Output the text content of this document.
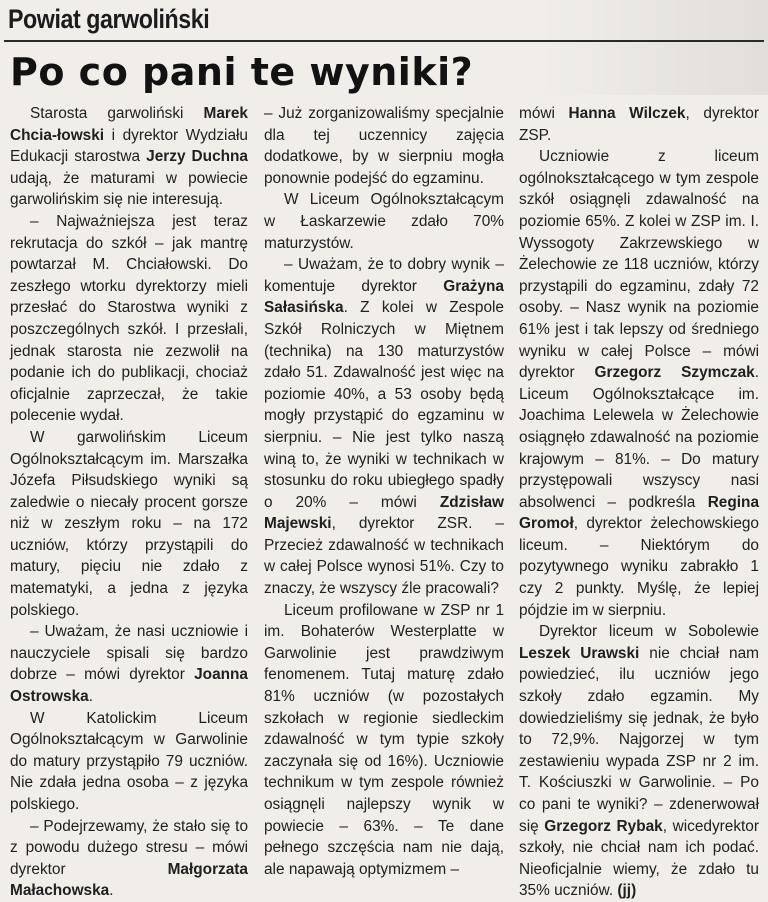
Powiat garwoliński
Po co pani te wyniki?

Starosta garwoliński Marek Chcia-łowski i dyrektor Wydziału Edukacji starostwa Jerzy Duchna udają, że maturami w powiecie garwolińskim się nie interesują.

– Najważniejsza jest teraz rekrutacja do szkół – jak mantrę powtarzał M. Chciałowski. Do zeszłego wtorku dyrektorzy mieli przesłać do Starostwa wyniki z poszczególnych szkół. I przesłali, jednak starosta nie zezwolił na podanie ich do publikacji, chociaż oficjalnie zaprzeczał, że takie polecenie wydał.

W garwolińskim Liceum Ogólnokształcącym im. Marszałka Józefa Piłsudskiego wyniki są zaledwie o niecały procent gorsze niż w zeszłym roku – na 172 uczniów, którzy przystąpili do matury, pięciu nie zdało z matematyki, a jedna z języka polskiego.

– Uważam, że nasi uczniowie i nauczyciele spisali się bardzo dobrze – mówi dyrektor Joanna Ostrowska.

W Katolickim Liceum Ogólnokształcącym w Garwolinie do matury przystąpiło 79 uczniów. Nie zdała jedna osoba – z języka polskiego.

– Podejrzewamy, że stało się to z powodu dużego stresu – mówi dyrektor Małgorzata Małachowska.

– Już zorganizowaliśmy specjalnie dla tej uczennicy zajęcia dodatkowe, by w sierpniu mogła ponownie podejść do egzaminu.

W Liceum Ogólnokształcącym w Łaskarzewie zdało 70% maturzystów.

– Uważam, że to dobry wynik – komentuje dyrektor Grażyna Sałasińska. Z kolei w Zespole Szkół Rolniczych w Miętnem (technika) na 130 maturzystów zdało 51. Zdawalność jest więc na poziomie 40%, a 53 osoby będą mogły przystąpić do egzaminu w sierpniu. – Nie jest tylko naszą winą to, że wyniki w technikach w stosunku do roku ubiegłego spadły o 20% – mówi Zdzisław Majewski, dyrektor ZSR. – Przecież zdawalność w technikach w całej Polsce wynosi 51%. Czy to znaczy, że wszyscy źle pracowali?

Liceum profilowane w ZSP nr 1 im. Bohaterów Westerplatte w Garwolinie jest prawdziwym fenomenem. Tutaj maturę zdało 81% uczniów (w pozostałych szkołach w regionie siedleckim zdawalność w tym typie szkoły zaczynała się od 16%). Uczniowie technikum w tym zespole również osiągnęli najlepszy wynik w powiecie – 63%. – Te dane pełnego szczęścia nam nie dają, ale napawają optymizmem –

mówi Hanna Wilczek, dyrektor ZSP.

Uczniowie z liceum ogólnokształcącego w tym zespole szkół osiągnęli zdawalność na poziomie 65%. Z kolei w ZSP im. I. Wyssogoty Zakrzewskiego w Żelechowie ze 118 uczniów, którzy przystąpili do egzaminu, zdały 72 osoby. – Nasz wynik na poziomie 61% jest i tak lepszy od średniego wyniku w całej Polsce – mówi dyrektor Grzegorz Szymczak. Liceum Ogólnokształcące im. Joachima Lelewela w Żelechowie osiągnęło zdawalność na poziomie krajowym – 81%. – Do matury przystępowali wszyscy nasi absolwenci – podkreśla Regina Gromoł, dyrektor żelechowskiego liceum. – Niektórym do pozytywnego wyniku zabrakło 1 czy 2 punkty. Myślę, że lepiej pójdzie im w sierpniu.

Dyrektor liceum w Sobolewie Leszek Urawski nie chciał nam powiedzieć, ilu uczniów jego szkoły zdało egzamin. My dowiedzieliśmy się jednak, że było to 72,9%. Najgorzej w tym zestawieniu wypada ZSP nr 2 im. T. Kościuszki w Garwolinie. – Po co pani te wyniki? – zdenerwował się Grzegorz Rybak, wicedyrektor szkoły, nie chciał nam ich podać. Nieoficjalnie wiemy, że zdało tu 35% uczniów. (jj)
